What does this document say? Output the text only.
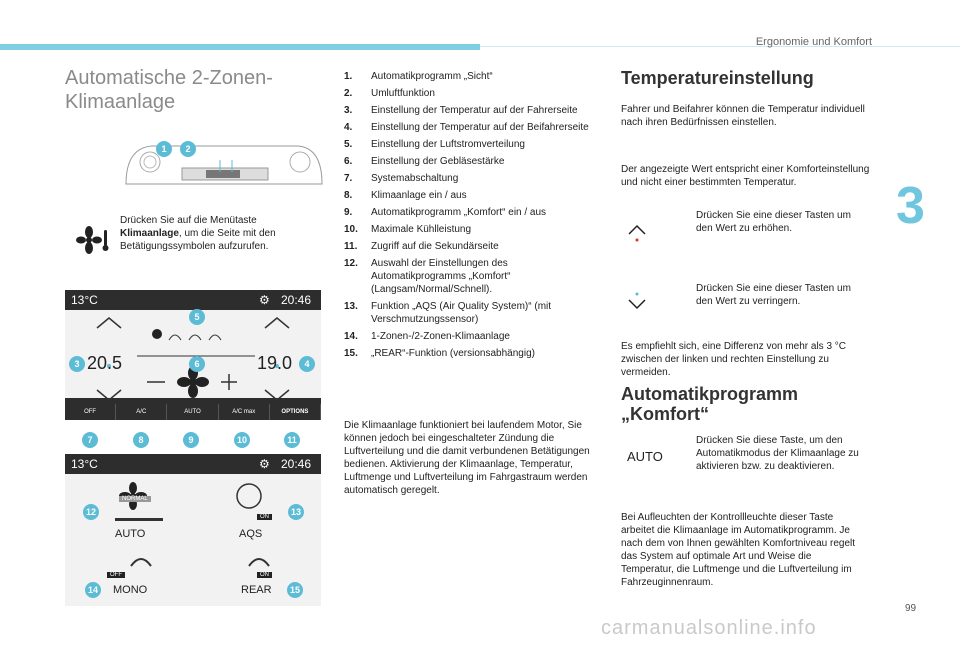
Ergonomie und Komfort
3
Automatische 2-Zonen-Klimaanlage
1	2
Drücken Sie auf die Menütaste Klimaanlage, um die Seite mit den Betätigungssymbolen aufzurufen.
13°C	⚙ 20:46
20.5	19.0
OFF	A/C	AUTO	A/C max	OPTIONS
5
3	6	4
7	8	9	10	11
13°C	⚙ 20:46
NORMAL
ON
AUTO	AQS
OFF	ON
MONO	REAR
12	13
14	15
1.	Automatikprogramm „Sicht“
2.	Umluftfunktion
3.	Einstellung der Temperatur auf der Fahrerseite
4.	Einstellung der Temperatur auf der Beifahrerseite
5.	Einstellung der Luftstromverteilung
6.	Einstellung der Gebläsestärke
7.	Systemabschaltung
8.	Klimaanlage ein / aus
9.	Automatikprogramm „Komfort“ ein / aus
10.	Maximale Kühlleistung
11.	Zugriff auf die Sekundärseite
12.	Auswahl der Einstellungen des Automatikprogramms „Komfort“ (Langsam/Normal/Schnell).
13.	Funktion „AQS (Air Quality System)“ (mit Verschmutzungssensor)
14.	1-Zonen-/2-Zonen-Klimaanlage
15.	„REAR“-Funktion (versionsabhängig)
Die Klimaanlage funktioniert bei laufendem Motor, Sie können jedoch bei eingeschalteter Zündung die Luftverteilung und die damit verbundenen Betätigungen bedienen. Aktivierung der Klimaanlage, Temperatur, Luftmenge und Luftverteilung im Fahrgastraum werden automatisch geregelt.
Temperatureinstellung
Fahrer und Beifahrer können die Temperatur individuell nach ihren Bedürfnissen einstellen.
Der angezeigte Wert entspricht einer Komforteinstellung und nicht einer bestimmten Temperatur.
Drücken Sie eine dieser Tasten um den Wert zu erhöhen.
Drücken Sie eine dieser Tasten um den Wert zu verringern.
Es empfiehlt sich, eine Differenz von mehr als 3 °C zwischen der linken und rechten Einstellung zu vermeiden.
Automatikprogramm „Komfort“
AUTO
Drücken Sie diese Taste, um den Automatikmodus der Klimaanlage zu aktivieren bzw. zu deaktivieren.
Bei Aufleuchten der Kontrollleuchte dieser Taste arbeitet die Klimaanlage im Automatikprogramm. Je nach dem von Ihnen gewählten Komfortniveau regelt das System auf optimale Art und Weise die Temperatur, die Luftmenge und die Luftverteilung im Fahrzeuginnenraum.
99
carmanualsonline.info
